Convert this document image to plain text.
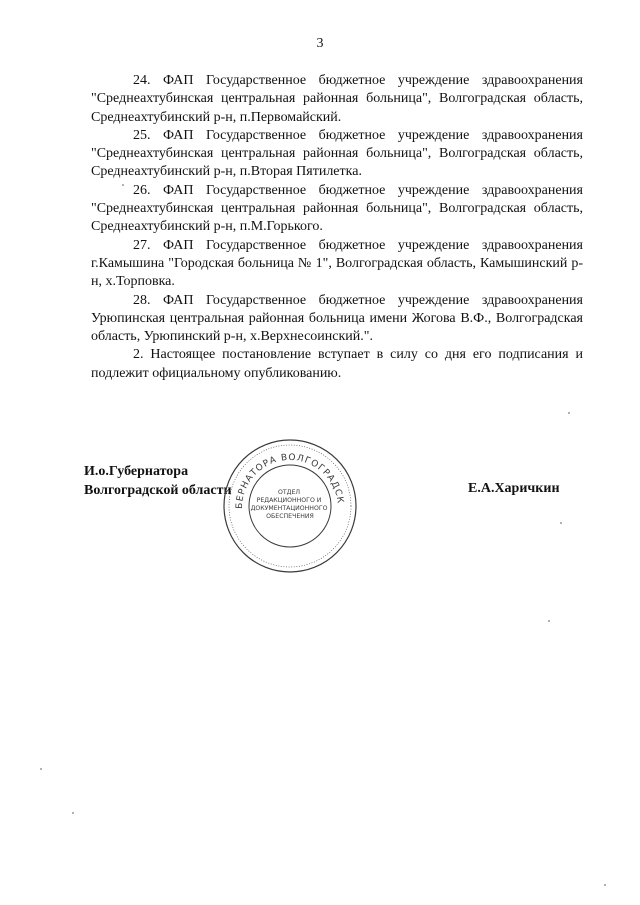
3

24. ФАП Государственное бюджетное учреждение здравоохранения "Среднеахтубинская центральная районная больница", Волгоградская область, Среднеахтубинский р-н, п.Первомайский.

25. ФАП Государственное бюджетное учреждение здравоохранения "Среднеахтубинская центральная районная больница", Волгоградская область, Среднеахтубинский р-н, п.Вторая Пятилетка.

26. ФАП Государственное бюджетное учреждение здравоохранения "Среднеахтубинская центральная районная больница", Волгоградская область, Среднеахтубинский р-н, п.М.Горького.

27. ФАП Государственное бюджетное учреждение здравоохранения г.Камышина "Городская больница № 1", Волгоградская область, Камышинский р-н, х.Торповка.

28. ФАП Государственное бюджетное учреждение здравоохранения Урюпинская центральная районная больница имени Жогова В.Ф., Волгоградская область, Урюпинский р-н, х.Верхнесоинский.".

2. Настоящее постановление вступает в силу со дня его подписания и подлежит официальному опубликованию.

И.о.Губернатора
Волгоградской области	Е.А.Харичкин
БЕРНАТОРА ВОЛГОГРАДСК
ОТДЕЛ РЕДАКЦИОННОГО И ДОКУМЕНТАЦИОННОГО ОБЕСПЕЧЕНИЯ
